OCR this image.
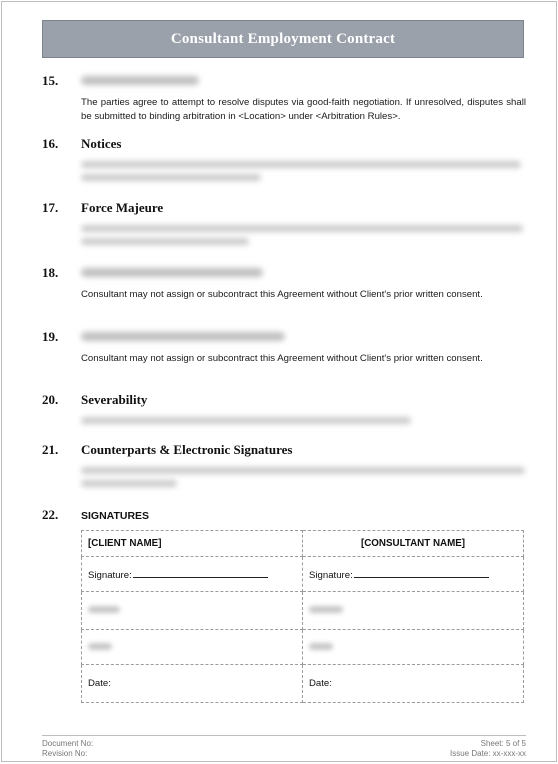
Consultant Employment Contract
15.
The parties agree to attempt to resolve disputes via good-faith negotiation. If unresolved, disputes shall be submitted to binding arbitration in <Location> under <Arbitration Rules>.
16.	Notices
17.	Force Majeure
18.
Consultant may not assign or subcontract this Agreement without Client's prior written consent.
19.
Consultant may not assign or subcontract this Agreement without Client's prior written consent.
20.	Severability
21.	Counterparts & Electronic Signatures
22.	SIGNATURES
[CLIENT NAME]	[CONSULTANT NAME]
Signature:	Signature:

Date:	Date:
Document No:
Revision No:
Sheet: 5 of 5
Issue Date: xx-xxx-xx
